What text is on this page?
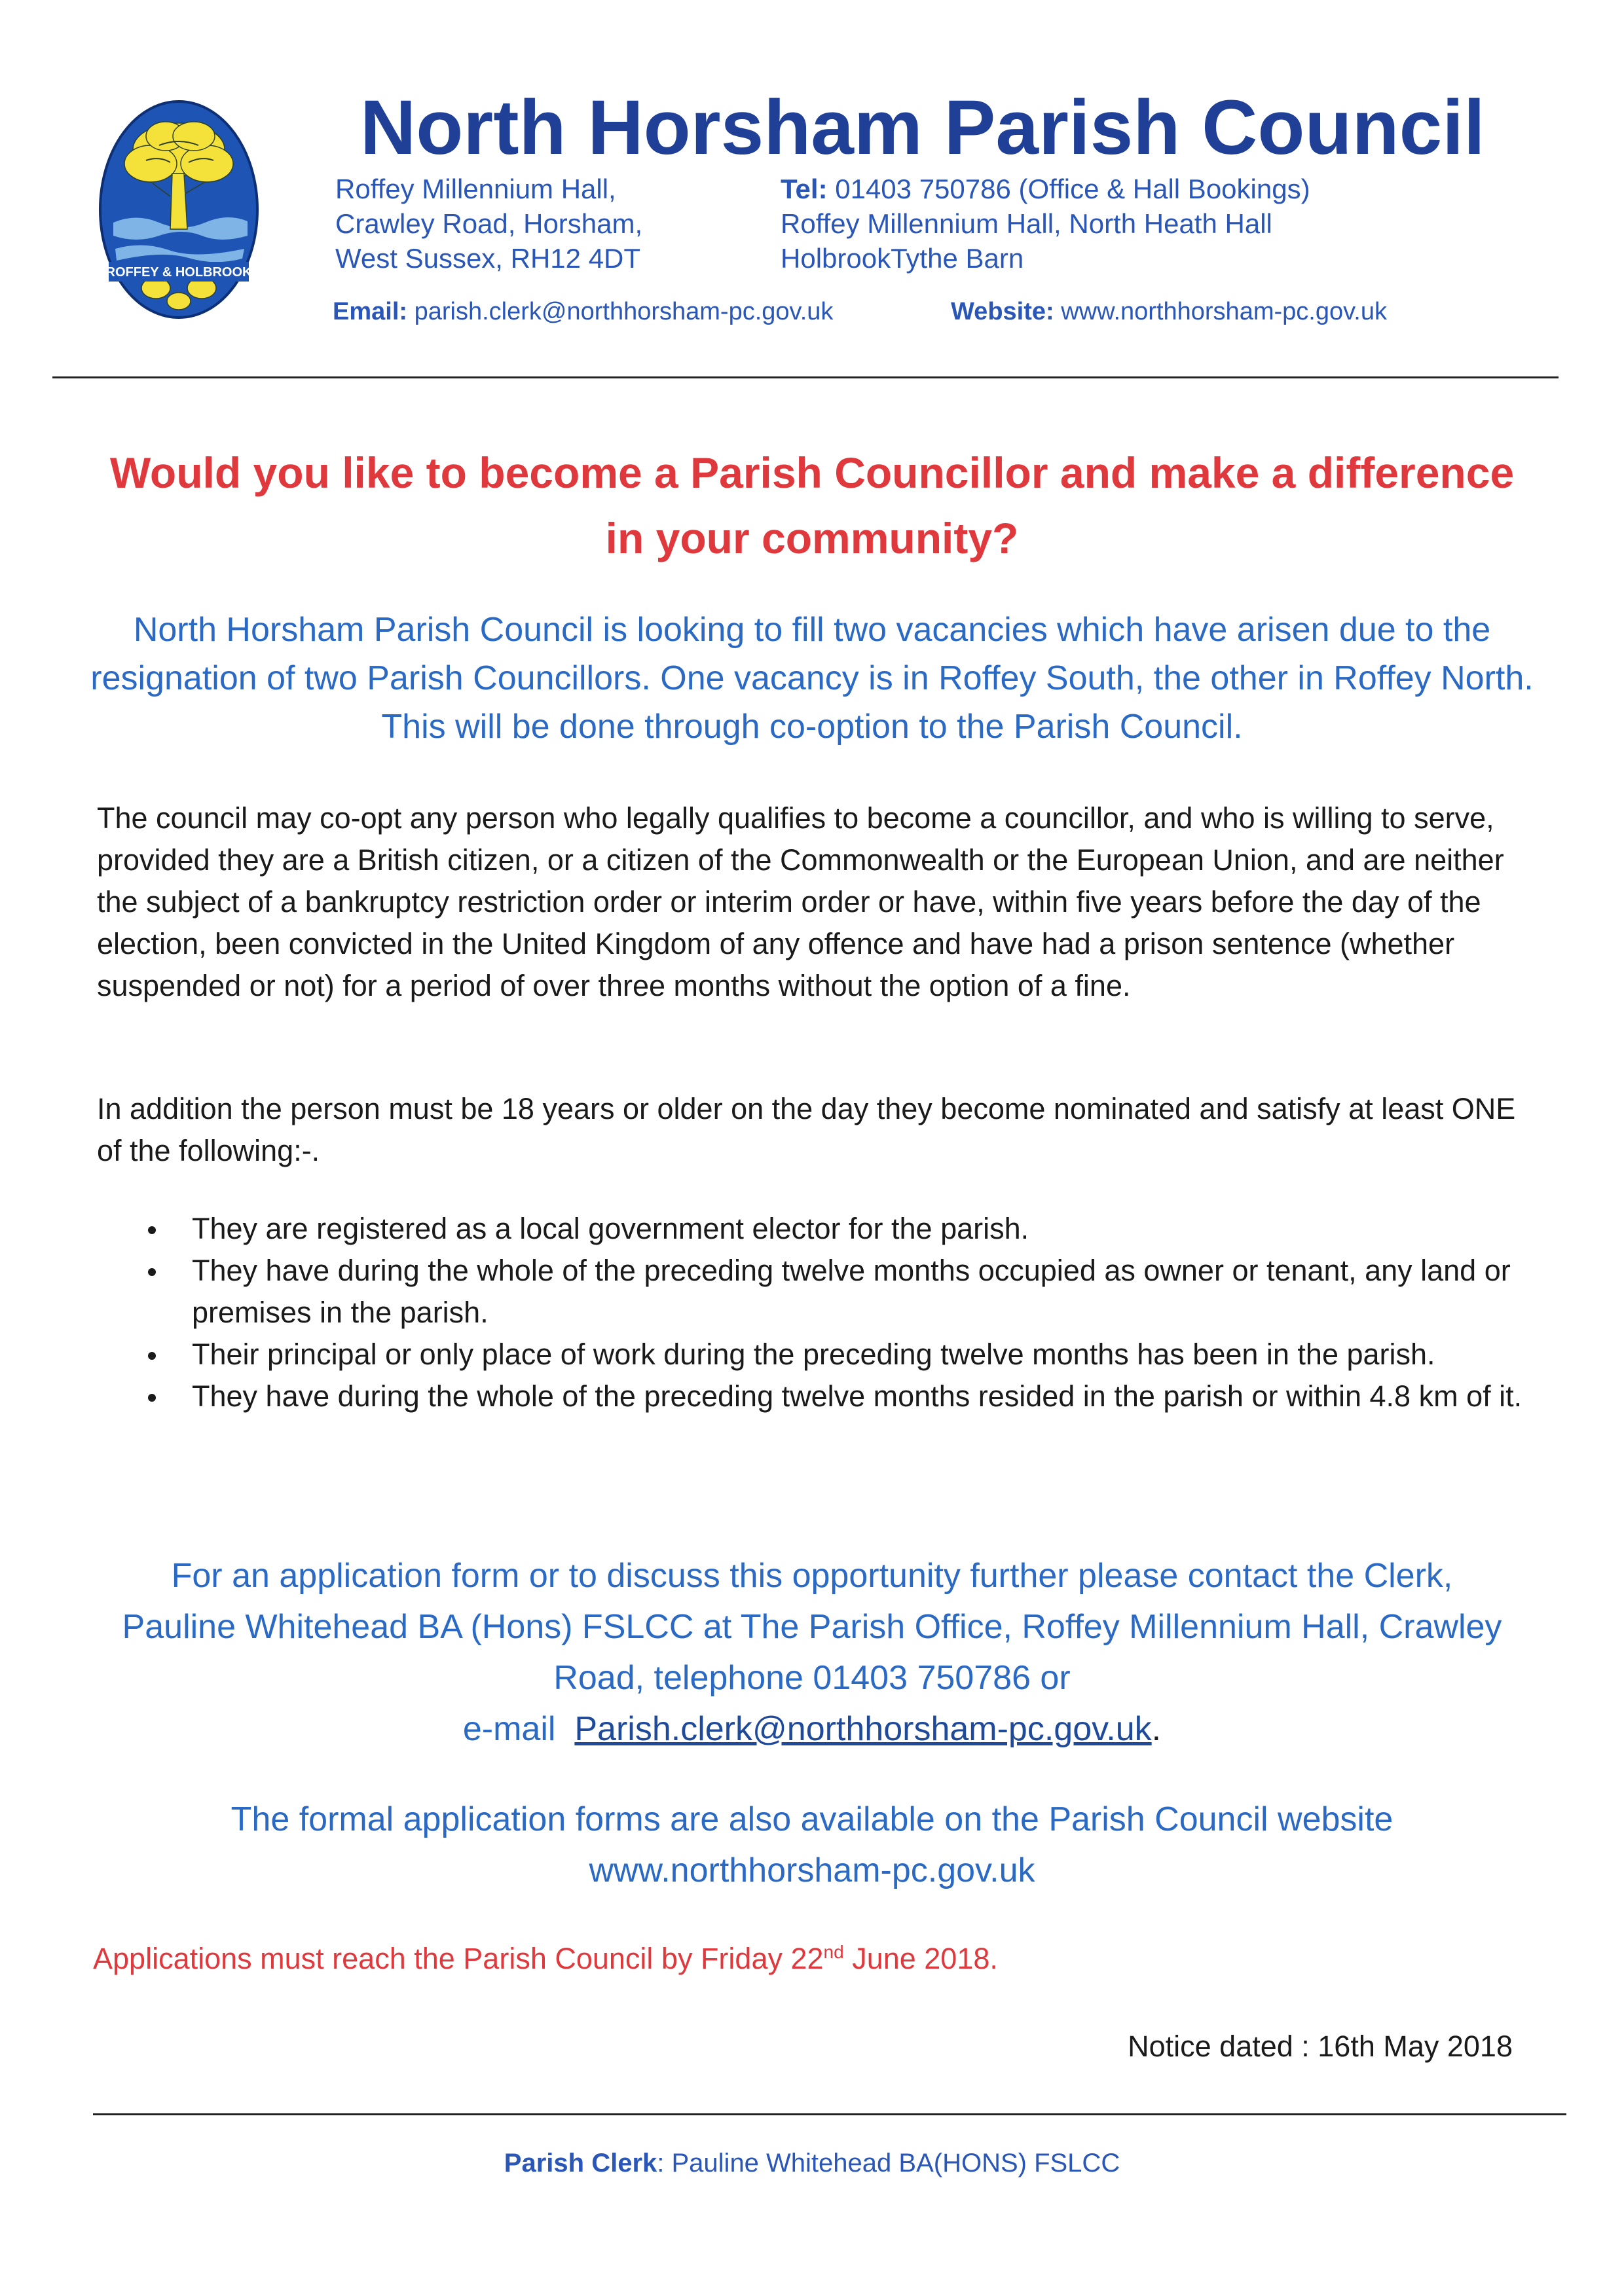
ROFFEY & HOLBROOK
North Horsham Parish Council
Roffey Millennium Hall,
Crawley Road, Horsham,
West Sussex, RH12 4DT
Tel: 01403 750786 (Office & Hall Bookings)
Roffey Millennium Hall, North Heath Hall
HolbrookTythe Barn
Email: parish.clerk@northhorsham-pc.gov.uk	Website: www.northhorsham-pc.gov.uk
Would you like to become a Parish Councillor and make a difference in your community?
North Horsham Parish Council is looking to fill two vacancies which have arisen due to the resignation of two Parish Councillors. One vacancy is in Roffey South, the other in Roffey North. This will be done through co-option to the Parish Council.
The council may co-opt any person who legally qualifies to become a councillor, and who is willing to serve, provided they are a British citizen, or a citizen of the Commonwealth or the European Union, and are neither the subject of a bankruptcy restriction order or interim order or have, within five years before the day of the election, been convicted in the United Kingdom of any offence and have had a prison sentence (whether suspended or not) for a period of over three months without the option of a fine.
In addition the person must be 18 years or older on the day they become nominated and satisfy at least ONE of the following:-.
They are registered as a local government elector for the parish.
They have during the whole of the preceding twelve months occupied as owner or tenant, any land or premises in the parish.
Their principal or only place of work during the preceding twelve months has been in the parish.
They have during the whole of the preceding twelve months resided in the parish or within 4.8 km of it.
For an application form or to discuss this opportunity further please contact the Clerk, Pauline Whitehead BA (Hons) FSLCC at The Parish Office, Roffey Millennium Hall, Crawley Road, telephone 01403 750786 or
e-mail Parish.clerk@northhorsham-pc.gov.uk.
The formal application forms are also available on the Parish Council website
www.northhorsham-pc.gov.uk
Applications must reach the Parish Council by Friday 22nd June 2018.
Notice dated : 16th May 2018
Parish Clerk: Pauline Whitehead BA(HONS) FSLCC
